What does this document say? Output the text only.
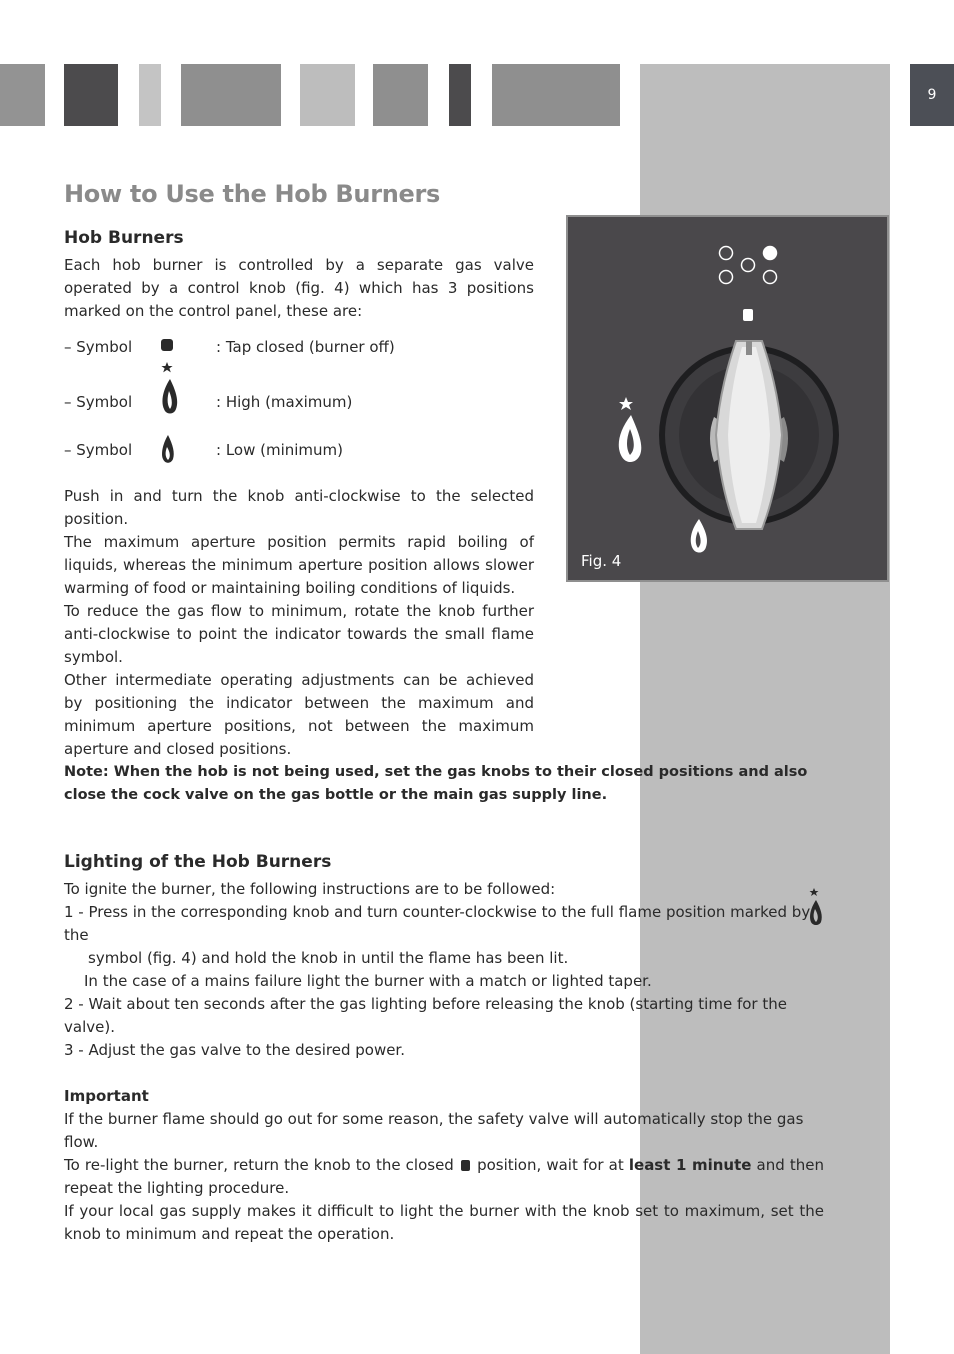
9
Fig. 4
How to Use the Hob Burners
Hob Burners

Each hob burner is controlled by a separate gas valve operated by a control knob (fig. 4) which has 3 positions marked on the control panel, these are:

– Symbol	: Tap closed (burner off)
– Symbol	: High (maximum)
– Symbol	: Low (minimum)

Push in and turn the knob anti-clockwise to the selected position.

The maximum aperture position permits rapid boiling of liquids, whereas the minimum aperture position allows slower warming of food or maintaining boiling conditions of liquids.

To reduce the gas flow to minimum, rotate the knob further anti-clockwise to point the indicator towards the small flame symbol.

Other intermediate operating adjustments can be achieved by positioning the indicator between the maximum and minimum aperture positions, not between the maximum aperture and closed positions.

Note: When the hob is not being used, set the gas knobs to their closed positions and also close the cock valve on the gas bottle or the main gas supply line.

Lighting of the Hob Burners

To ignite the burner, the following instructions are to be followed:

1 - Press in the corresponding knob and turn counter-clockwise to the full flame position marked by the
symbol (fig. 4) and hold the knob in until the flame has been lit.
In the case of a mains failure light the burner with a match or lighted taper.
2 - Wait about ten seconds after the gas lighting before releasing the knob (starting time for the valve).
3 - Adjust the gas valve to the desired power.
Important

If the burner flame should go out for some reason, the safety valve will automatically stop the gas flow.

To re-light the burner, return the knob to the closed position, wait for at least 1 minute and then repeat the lighting procedure.

If your local gas supply makes it difficult to light the burner with the knob set to maximum, set the knob to minimum and repeat the operation.
